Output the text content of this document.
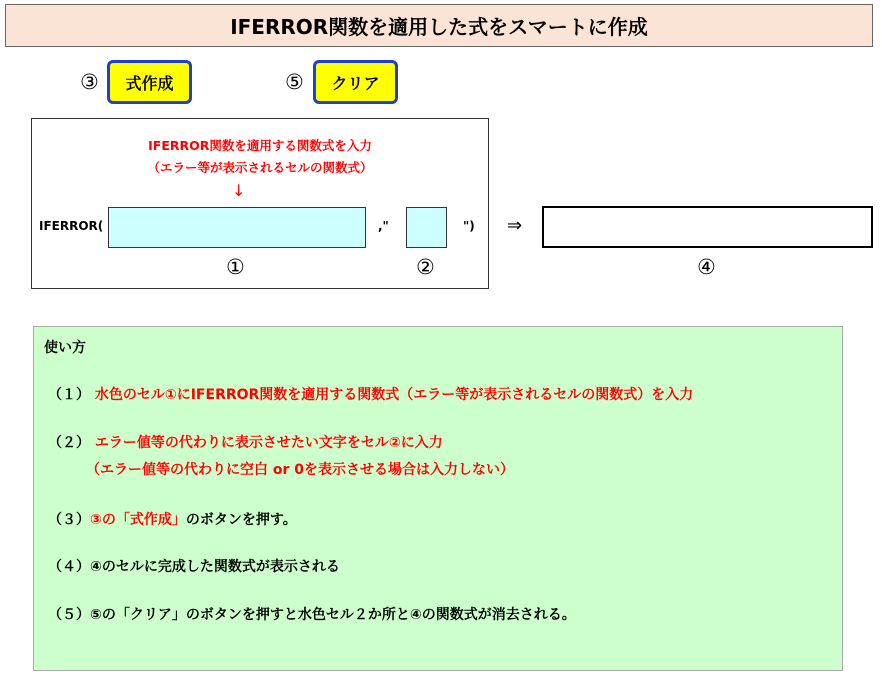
IFERROR関数を適用した式をスマートに作成
③ 式作成	⑤ クリア
IFERROR関数を適用する関数式を入力
（エラー等が表示されるセルの関数式）
↓
IFERROR(	,"	")
①	②
⇒
④
使い方
（１） 水色のセル①にIFERROR関数を適用する関数式（エラー等が表示されるセルの関数式）を入力
（２） エラー値等の代わりに表示させたい文字をセル②に入力
（エラー値等の代わりに空白 or 0を表示させる場合は入力しない）
（３）③の「式作成」のボタンを押す。
（４）④のセルに完成した関数式が表示される
（５）⑤の「クリア」のボタンを押すと水色セル２か所と④の関数式が消去される。
